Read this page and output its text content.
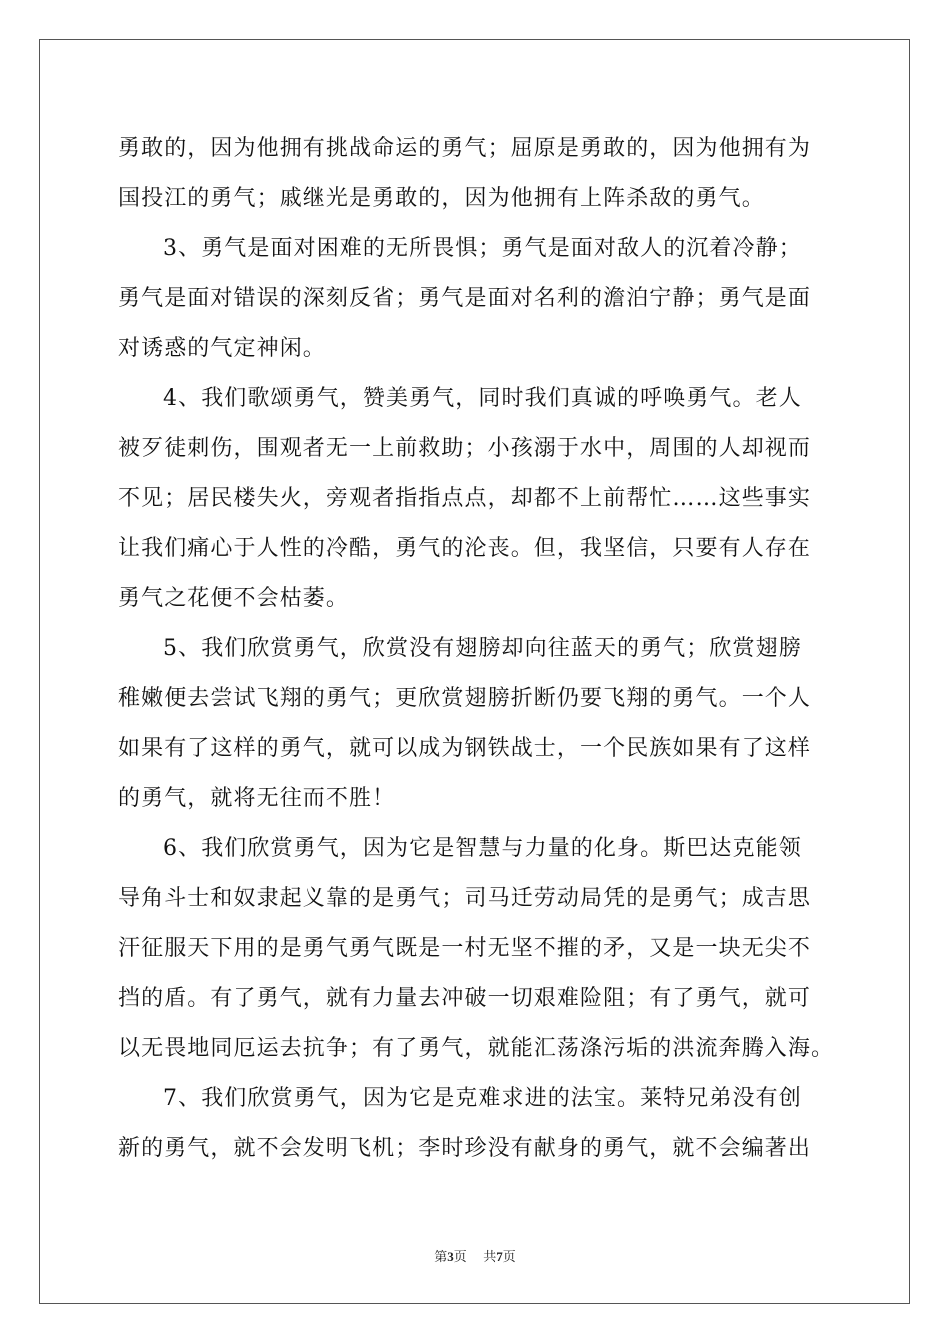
勇敢的，因为他拥有挑战命运的勇气；屈原是勇敢的，因为他拥有为
国投江的勇气；戚继光是勇敢的，因为他拥有上阵杀敌的勇气。
3、勇气是面对困难的无所畏惧；勇气是面对敌人的沉着冷静；
勇气是面对错误的深刻反省；勇气是面对名利的澹泊宁静；勇气是面
对诱惑的气定神闲。
4、我们歌颂勇气，赞美勇气，同时我们真诚的呼唤勇气。老人
被歹徒刺伤，围观者无一上前救助；小孩溺于水中，周围的人却视而
不见；居民楼失火，旁观者指指点点，却都不上前帮忙……这些事实
让我们痛心于人性的冷酷，勇气的沦丧。但，我坚信，只要有人存在
勇气之花便不会枯萎。
5、我们欣赏勇气，欣赏没有翅膀却向往蓝天的勇气；欣赏翅膀
稚嫩便去尝试飞翔的勇气；更欣赏翅膀折断仍要飞翔的勇气。一个人
如果有了这样的勇气，就可以成为钢铁战士，一个民族如果有了这样
的勇气，就将无往而不胜！
6、我们欣赏勇气，因为它是智慧与力量的化身。斯巴达克能领
导角斗士和奴隶起义靠的是勇气；司马迁劳动局凭的是勇气；成吉思
汗征服天下用的是勇气勇气既是一村无坚不摧的矛，又是一块无尖不
挡的盾。有了勇气，就有力量去冲破一切艰难险阻；有了勇气，就可
以无畏地同厄运去抗争；有了勇气，就能汇荡涤污垢的洪流奔腾入海。
7、我们欣赏勇气，因为它是克难求进的法宝。莱特兄弟没有创
新的勇气，就不会发明飞机；李时珍没有献身的勇气，就不会编著出
第3页 共7页
